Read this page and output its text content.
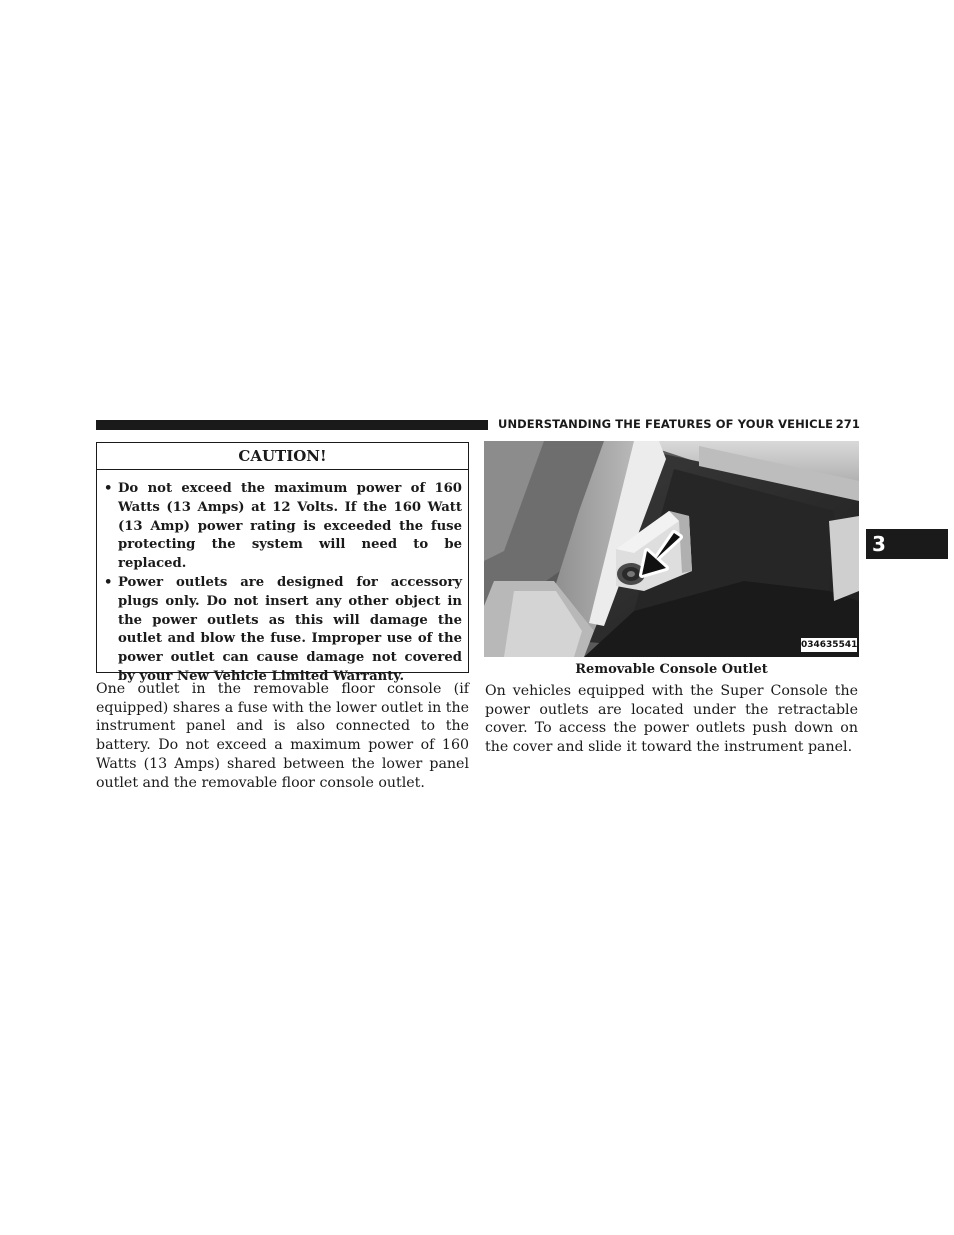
UNDERSTANDING THE FEATURES OF YOUR VEHICLE 271
3
CAUTION!
• Do not exceed the maximum power of 160 Watts (13 Amps) at 12 Volts. If the 160 Watt (13 Amp) power rating is exceeded the fuse protecting the system will need to be replaced.
• Power outlets are designed for accessory plugs only. Do not insert any other object in the power outlets as this will damage the outlet and blow the fuse. Improper use of the power outlet can cause damage not covered by your New Vehicle Limited Warranty.

One outlet in the removable floor console (if equipped) shares a fuse with the lower outlet in the instrument panel and is also connected to the battery. Do not exceed a maximum power of 160 Watts (13 Amps) shared between the lower panel outlet and the removable floor console outlet.

034635541
Removable Console Outlet

On vehicles equipped with the Super Console the power outlets are located under the retractable cover. To access the power outlets push down on the cover and slide it toward the instrument panel.
